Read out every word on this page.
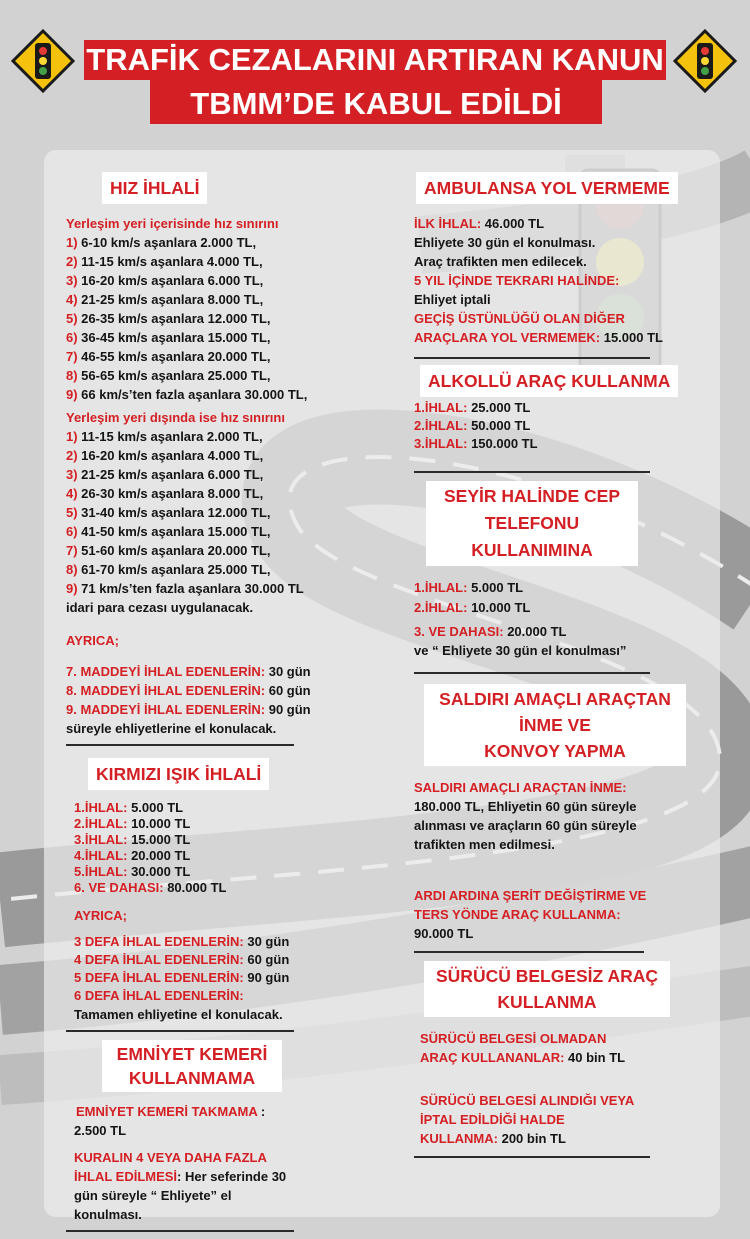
TRAFİK CEZALARINI ARTIRAN KANUN
TBMM’DE KABUL EDİLDİ
HIZ İHLALİ
Yerleşim yeri içerisinde hız sınırını
1) 6-10 km/s aşanlara 2.000 TL,
2) 11-15 km/s aşanlara 4.000 TL,
3) 16-20 km/s aşanlara 6.000 TL,
4) 21-25 km/s aşanlara 8.000 TL,
5) 26-35 km/s aşanlara 12.000 TL,
6) 36-45 km/s aşanlara 15.000 TL,
7) 46-55 km/s aşanlara 20.000 TL,
8) 56-65 km/s aşanlara 25.000 TL,
9) 66 km/s’ten fazla aşanlara 30.000 TL,
Yerleşim yeri dışında ise hız sınırını
1) 11-15 km/s aşanlara 2.000 TL,
2) 16-20 km/s aşanlara 4.000 TL,
3) 21-25 km/s aşanlara 6.000 TL,
4) 26-30 km/s aşanlara 8.000 TL,
5) 31-40 km/s aşanlara 12.000 TL,
6) 41-50 km/s aşanlara 15.000 TL,
7) 51-60 km/s aşanlara 20.000 TL,
8) 61-70 km/s aşanlara 25.000 TL,
9) 71 km/s’ten fazla aşanlara 30.000 TL
idari para cezası uygulanacak.
AYRICA;
7. MADDEYİ İHLAL EDENLERİN: 30 gün
8. MADDEYİ İHLAL EDENLERİN: 60 gün
9. MADDEYİ İHLAL EDENLERİN: 90 gün
süreyle ehliyetlerine el konulacak.
KIRMIZI IŞIK İHLALİ
1.İHLAL: 5.000 TL
2.İHLAL: 10.000 TL
3.İHLAL: 15.000 TL
4.İHLAL: 20.000 TL
5.İHLAL: 30.000 TL
6. VE DAHASI: 80.000 TL
AYRICA;
3 DEFA İHLAL EDENLERİN: 30 gün
4 DEFA İHLAL EDENLERİN: 60 gün
5 DEFA İHLAL EDENLERİN: 90 gün
6 DEFA İHLAL EDENLERİN:
Tamamen ehliyetine el konulacak.
EMNİYET KEMERİ
KULLANMAMA
EMNİYET KEMERİ TAKMAMA :
2.500 TL
KURALIN 4 VEYA DAHA FAZLA
İHLAL EDİLMESİ: Her seferinde 30
gün süreyle “ Ehliyete” el
konulması.
AMBULANSA YOL VERMEME
İLK İHLAL: 46.000 TL
Ehliyete 30 gün el konulması.
Araç trafikten men edilecek.
5 YIL İÇİNDE TEKRARI HALİNDE:
Ehliyet iptali
GEÇİŞ ÜSTÜNLÜĞÜ OLAN DİĞER
ARAÇLARA YOL VERMEMEK: 15.000 TL
ALKOLLÜ ARAÇ KULLANMA
1.İHLAL: 25.000 TL
2.İHLAL: 50.000 TL
3.İHLAL: 150.000 TL
SEYİR HALİNDE CEP
TELEFONU KULLANIMINA
1.İHLAL: 5.000 TL
2.İHLAL: 10.000 TL
3. VE DAHASI: 20.000 TL
ve “ Ehliyete 30 gün el konulması”
SALDIRI AMAÇLI ARAÇTAN
İNME VE
KONVOY YAPMA
SALDIRI AMAÇLI ARAÇTAN İNME:
180.000 TL, Ehliyetin 60 gün süreyle
alınması ve araçların 60 gün süreyle
trafikten men edilmesi.
ARDI ARDINA ŞERİT DEĞİŞTİRME VE
TERS YÖNDE ARAÇ KULLANMA:
90.000 TL
SÜRÜCÜ BELGESİZ ARAÇ
KULLANMA
SÜRÜCÜ BELGESİ OLMADAN
ARAÇ KULLANANLAR: 40 bin TL
SÜRÜCÜ BELGESİ ALINDIĞI VEYA
İPTAL EDİLDİĞİ HALDE
KULLANMA: 200 bin TL
